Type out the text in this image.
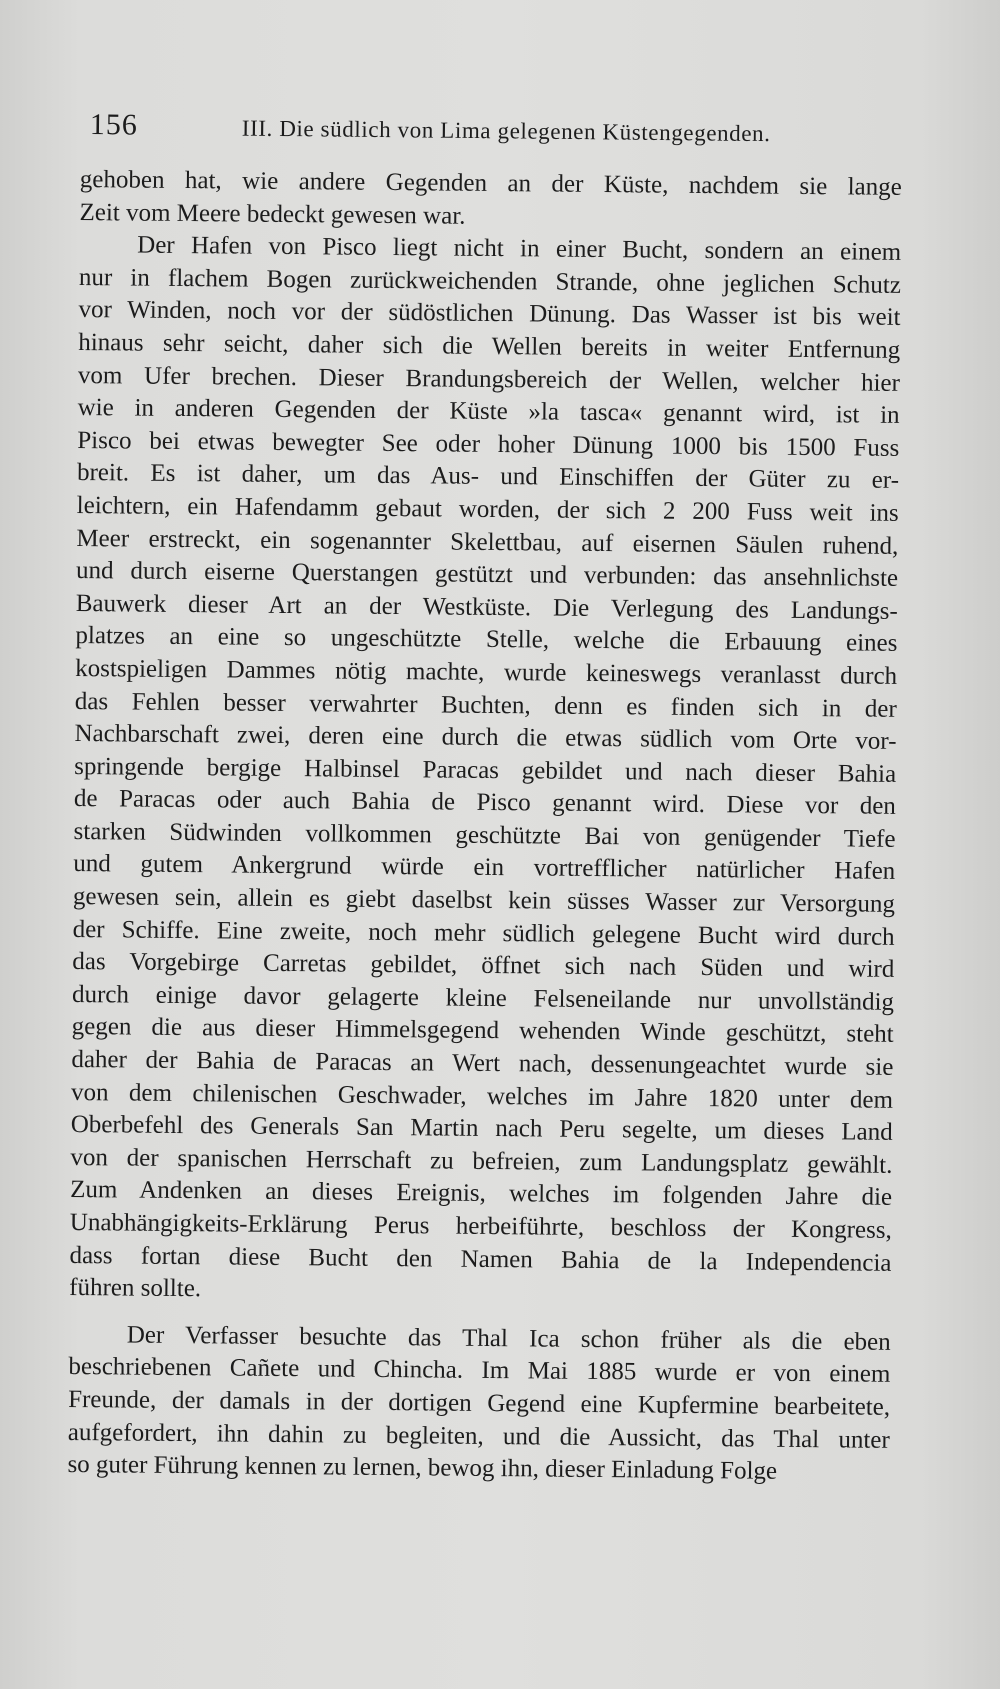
156	III. Die südlich von Lima gelegenen Küstengegenden.
gehoben hat, wie andere Gegenden an der Küste, nachdem sie lange
Zeit vom Meere bedeckt gewesen war.
Der Hafen von Pisco liegt nicht in einer Bucht, sondern an einem
nur in flachem Bogen zurückweichenden Strande, ohne jeglichen Schutz
vor Winden, noch vor der südöstlichen Dünung. Das Wasser ist bis weit
hinaus sehr seicht, daher sich die Wellen bereits in weiter Entfernung
vom Ufer brechen. Dieser Brandungsbereich der Wellen, welcher hier
wie in anderen Gegenden der Küste »la tasca« genannt wird, ist in
Pisco bei etwas bewegter See oder hoher Dünung 1000 bis 1500 Fuss
breit. Es ist daher, um das Aus- und Einschiffen der Güter zu er-
leichtern, ein Hafendamm gebaut worden, der sich 2 200 Fuss weit ins
Meer erstreckt, ein sogenannter Skelettbau, auf eisernen Säulen ruhend,
und durch eiserne Querstangen gestützt und verbunden: das ansehnlichste
Bauwerk dieser Art an der Westküste. Die Verlegung des Landungs-
platzes an eine so ungeschützte Stelle, welche die Erbauung eines
kostspieligen Dammes nötig machte, wurde keineswegs veranlasst durch
das Fehlen besser verwahrter Buchten, denn es finden sich in der
Nachbarschaft zwei, deren eine durch die etwas südlich vom Orte vor-
springende bergige Halbinsel Paracas gebildet und nach dieser Bahia
de Paracas oder auch Bahia de Pisco genannt wird. Diese vor den
starken Südwinden vollkommen geschützte Bai von genügender Tiefe
und gutem Ankergrund würde ein vortrefflicher natürlicher Hafen
gewesen sein, allein es giebt daselbst kein süsses Wasser zur Versorgung
der Schiffe. Eine zweite, noch mehr südlich gelegene Bucht wird durch
das Vorgebirge Carretas gebildet, öffnet sich nach Süden und wird
durch einige davor gelagerte kleine Felseneilande nur unvollständig
gegen die aus dieser Himmelsgegend wehenden Winde geschützt, steht
daher der Bahia de Paracas an Wert nach, dessenungeachtet wurde sie
von dem chilenischen Geschwader, welches im Jahre 1820 unter dem
Oberbefehl des Generals San Martin nach Peru segelte, um dieses Land
von der spanischen Herrschaft zu befreien, zum Landungsplatz gewählt.
Zum Andenken an dieses Ereignis, welches im folgenden Jahre die
Unabhängigkeits-Erklärung Perus herbeiführte, beschloss der Kongress,
dass fortan diese Bucht den Namen Bahia de la Independencia
führen sollte.
Der Verfasser besuchte das Thal Ica schon früher als die eben
beschriebenen Cañete und Chincha. Im Mai 1885 wurde er von einem
Freunde, der damals in der dortigen Gegend eine Kupfermine bearbeitete,
aufgefordert, ihn dahin zu begleiten, und die Aussicht, das Thal unter
so guter Führung kennen zu lernen, bewog ihn, dieser Einladung Folge
